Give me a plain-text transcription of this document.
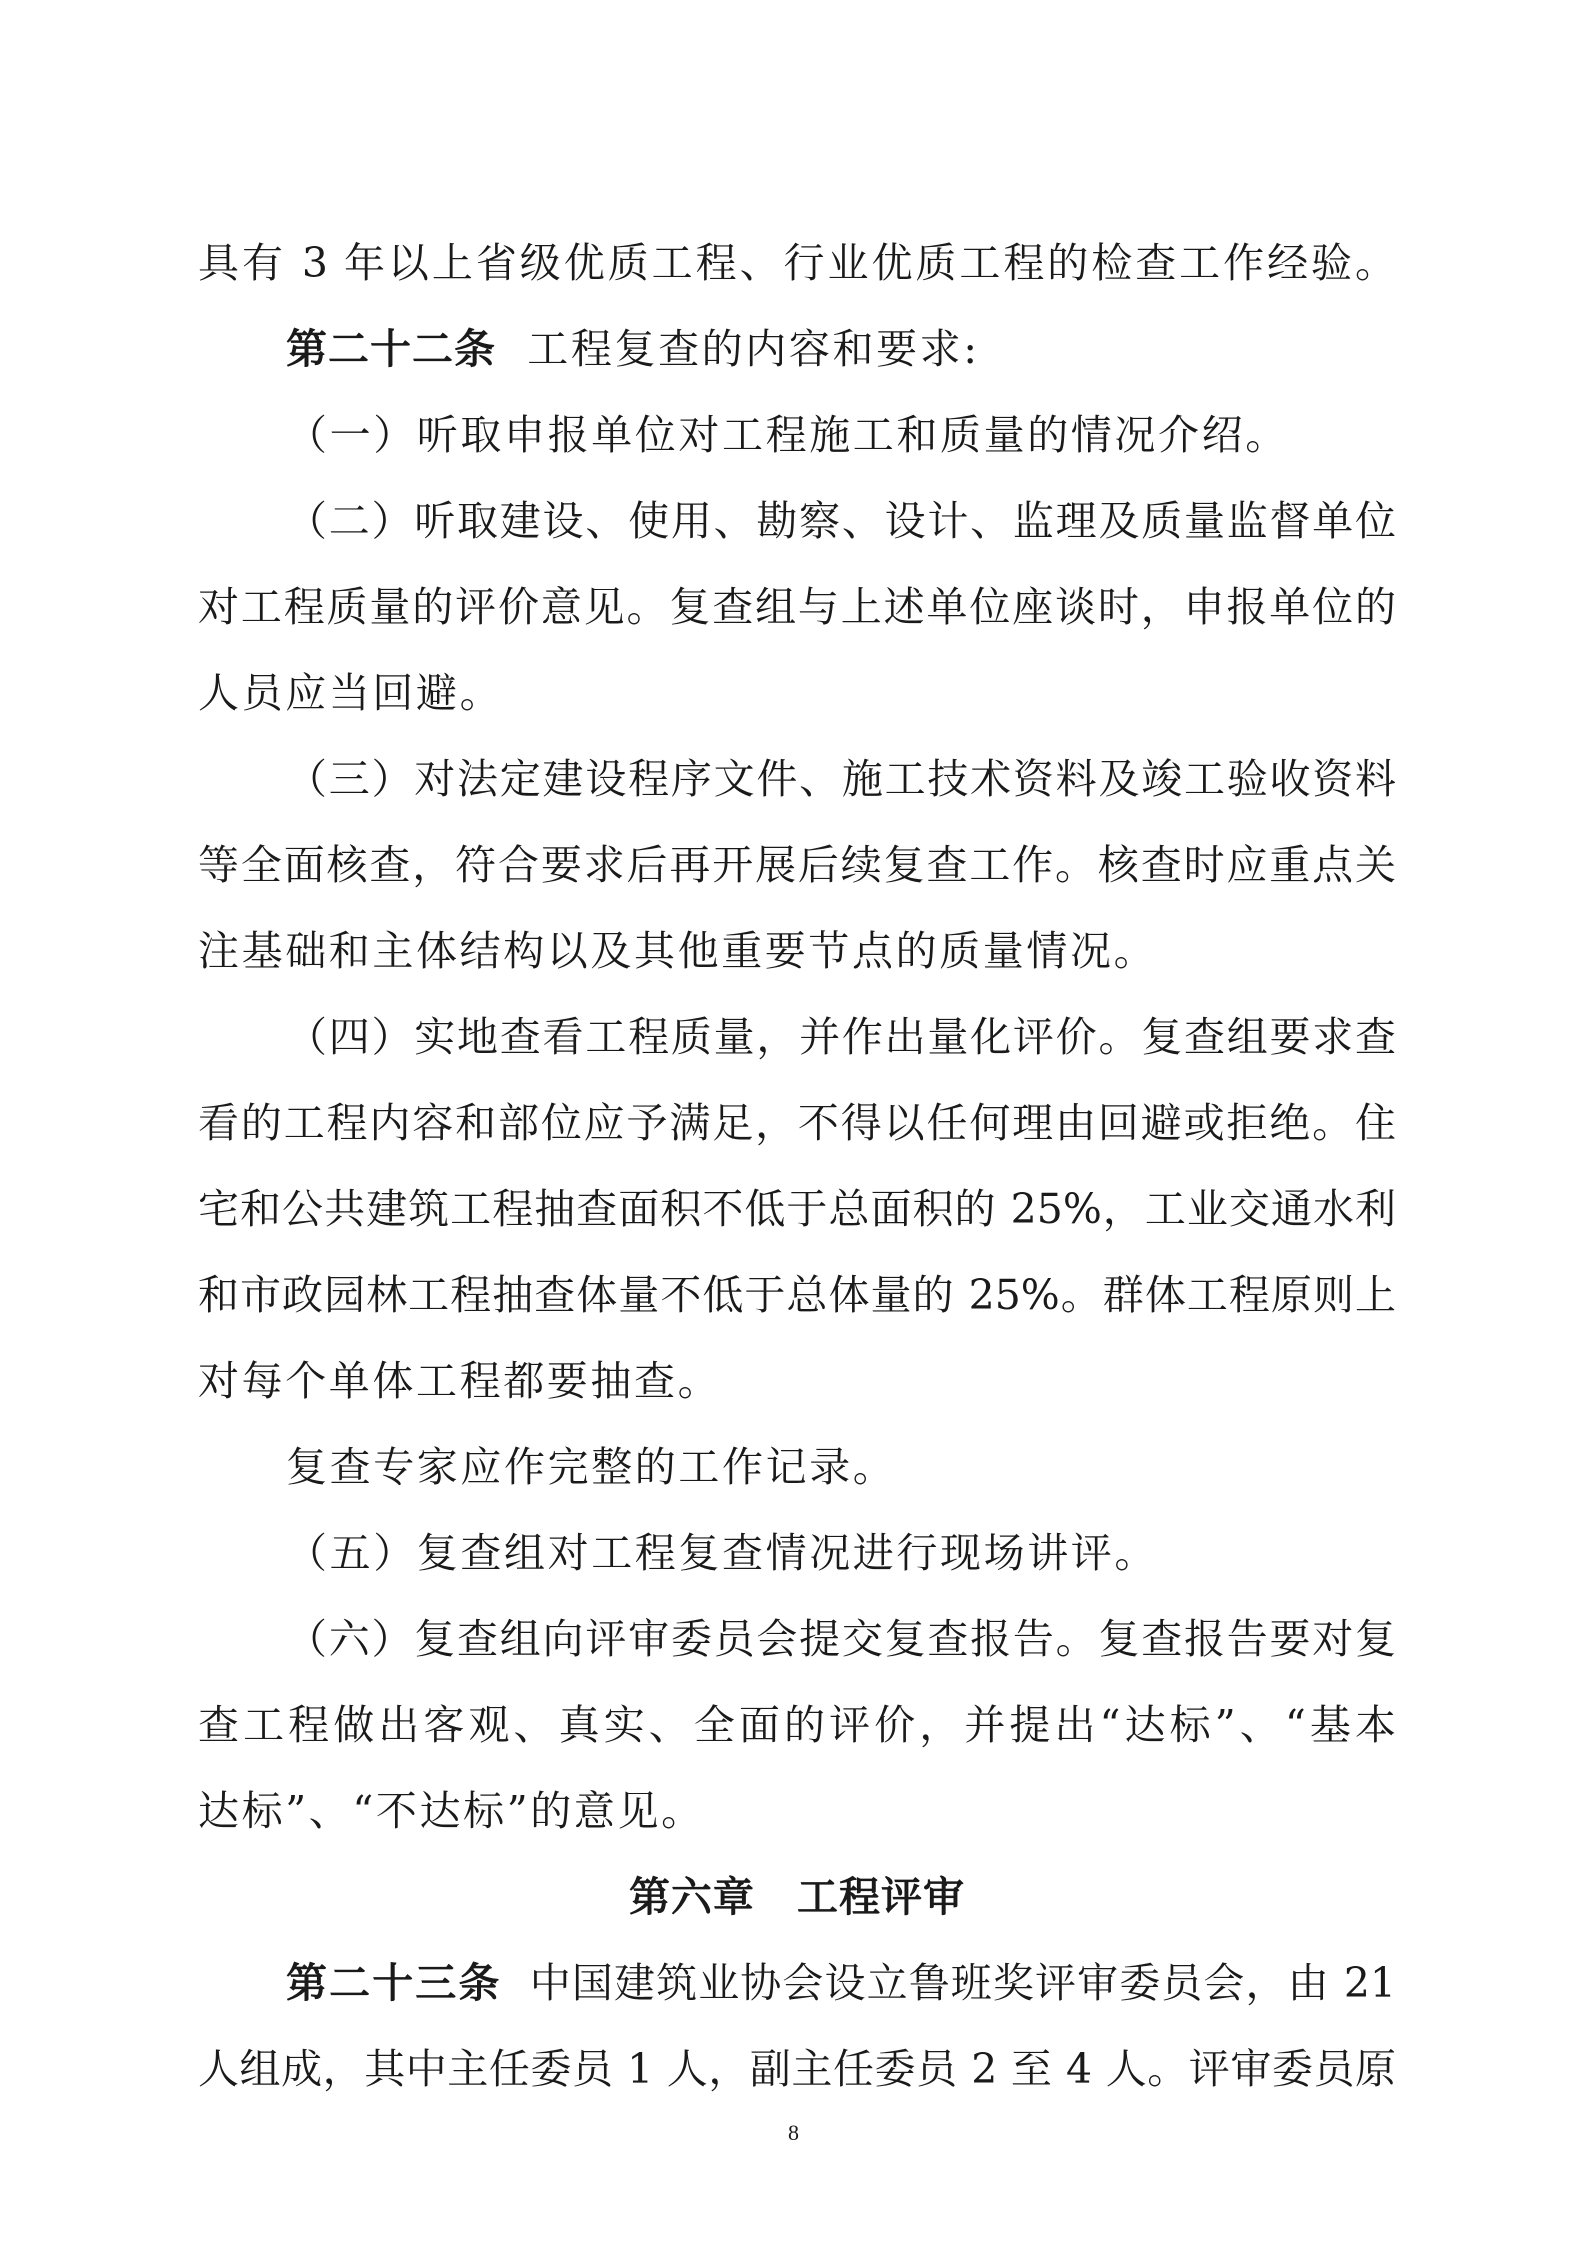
具有 3 年以上省级优质工程、行业优质工程的检查工作经验。
第二十二条 工程复查的内容和要求:
（一）听取申报单位对工程施工和质量的情况介绍。
（二）听取建设、使用、勘察、设计、监理及质量监督单位
对工程质量的评价意见。复查组与上述单位座谈时，申报单位的
人员应当回避。
（三）对法定建设程序文件、施工技术资料及竣工验收资料
等全面核查，符合要求后再开展后续复查工作。核查时应重点关
注基础和主体结构以及其他重要节点的质量情况。
（四）实地查看工程质量，并作出量化评价。复查组要求查
看的工程内容和部位应予满足，不得以任何理由回避或拒绝。住
宅和公共建筑工程抽查面积不低于总面积的 25%，工业交通水利
和市政园林工程抽查体量不低于总体量的 25%。群体工程原则上
对每个单体工程都要抽查。
复查专家应作完整的工作记录。
（五）复查组对工程复查情况进行现场讲评。
（六）复查组向评审委员会提交复查报告。复查报告要对复
查工程做出客观、真实、全面的评价，并提出“达标”、“基本
达标”、“不达标”的意见。
第六章 工程评审
第二十三条 中国建筑业协会设立鲁班奖评审委员会，由 21
人组成，其中主任委员 1 人，副主任委员 2 至 4 人。评审委员原
8
